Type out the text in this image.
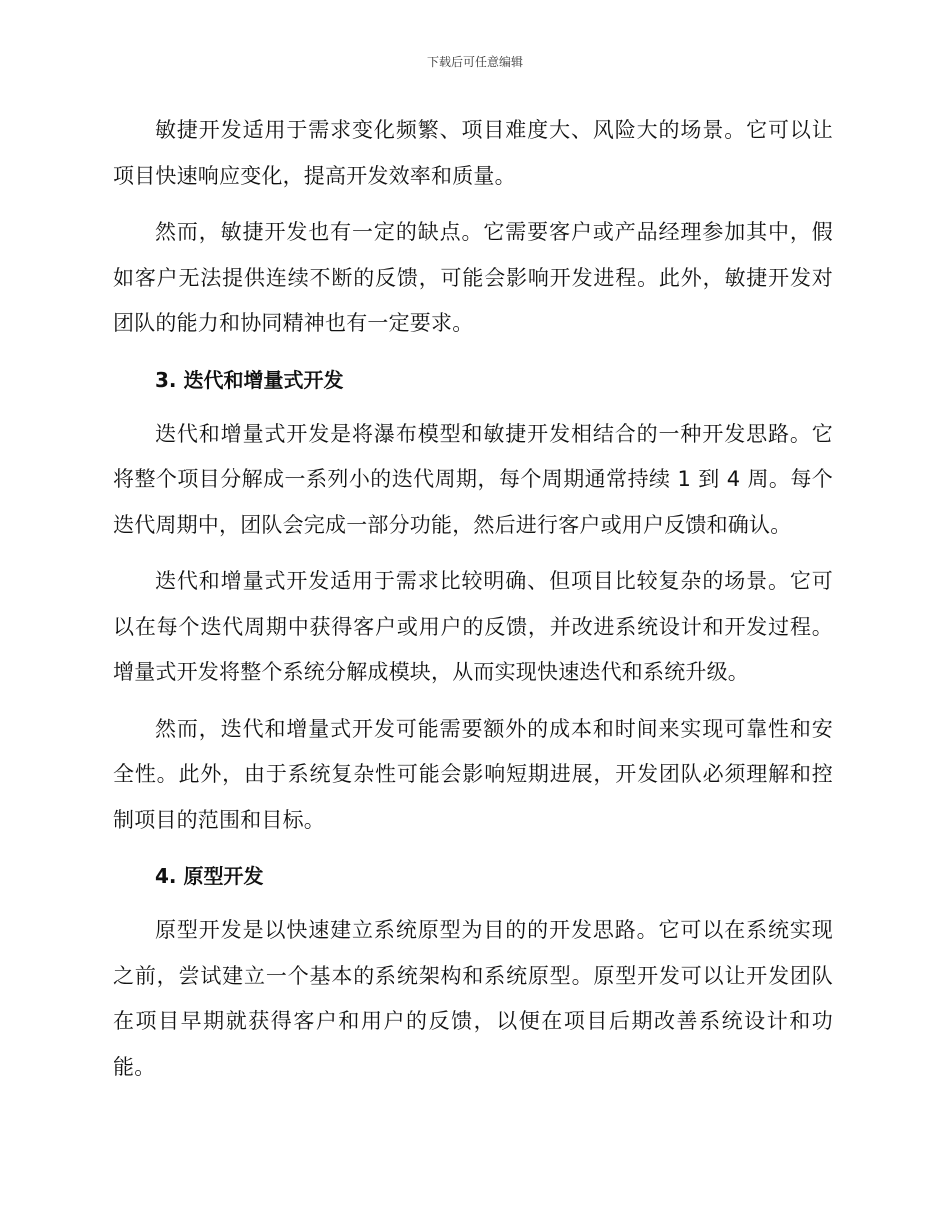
下载后可任意编辑

敏捷开发适用于需求变化频繁、项目难度大、风险大的场景。它可以让项目快速响应变化，提高开发效率和质量。

然而，敏捷开发也有一定的缺点。它需要客户或产品经理参加其中，假如客户无法提供连续不断的反馈，可能会影响开发进程。此外，敏捷开发对团队的能力和协同精神也有一定要求。

3. 迭代和增量式开发

迭代和增量式开发是将瀑布模型和敏捷开发相结合的一种开发思路。它将整个项目分解成一系列小的迭代周期，每个周期通常持续 1 到 4 周。每个迭代周期中，团队会完成一部分功能，然后进行客户或用户反馈和确认。

迭代和增量式开发适用于需求比较明确、但项目比较复杂的场景。它可以在每个迭代周期中获得客户或用户的反馈，并改进系统设计和开发过程。增量式开发将整个系统分解成模块，从而实现快速迭代和系统升级。

然而，迭代和增量式开发可能需要额外的成本和时间来实现可靠性和安全性。此外，由于系统复杂性可能会影响短期进展，开发团队必须理解和控制项目的范围和目标。

4. 原型开发

原型开发是以快速建立系统原型为目的的开发思路。它可以在系统实现之前，尝试建立一个基本的系统架构和系统原型。原型开发可以让开发团队在项目早期就获得客户和用户的反馈，以便在项目后期改善系统设计和功能。
